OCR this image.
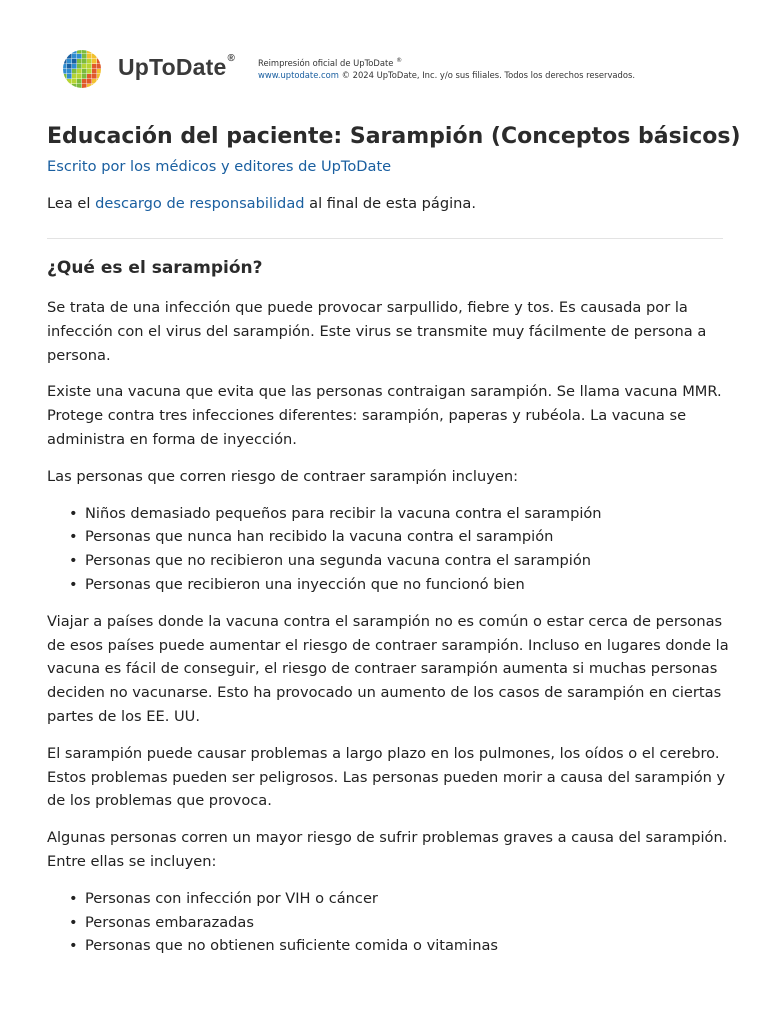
UpToDate®	Reimpresión oficial de UpToDate ®
www.uptodate.com © 2024 UpToDate, Inc. y/o sus filiales. Todos los derechos reservados.
Educación del paciente: Sarampión (Conceptos básicos)
Escrito por los médicos y editores de UpToDate
Lea el descargo de responsabilidad al final de esta página.
¿Qué es el sarampión?

Se trata de una infección que puede provocar sarpullido, fiebre y tos. Es causada por la infección con el virus del sarampión. Este virus se transmite muy fácilmente de persona a persona.

Existe una vacuna que evita que las personas contraigan sarampión. Se llama vacuna MMR. Protege contra tres infecciones diferentes: sarampión, paperas y rubéola. La vacuna se administra en forma de inyección.

Las personas que corren riesgo de contraer sarampión incluyen:

• Niños demasiado pequeños para recibir la vacuna contra el sarampión
• Personas que nunca han recibido la vacuna contra el sarampión
• Personas que no recibieron una segunda vacuna contra el sarampión
• Personas que recibieron una inyección que no funcionó bien

Viajar a países donde la vacuna contra el sarampión no es común o estar cerca de personas de esos países puede aumentar el riesgo de contraer sarampión. Incluso en lugares donde la vacuna es fácil de conseguir, el riesgo de contraer sarampión aumenta si muchas personas deciden no vacunarse. Esto ha provocado un aumento de los casos de sarampión en ciertas partes de los EE. UU.

El sarampión puede causar problemas a largo plazo en los pulmones, los oídos o el cerebro. Estos problemas pueden ser peligrosos. Las personas pueden morir a causa del sarampión y de los problemas que provoca.

Algunas personas corren un mayor riesgo de sufrir problemas graves a causa del sarampión. Entre ellas se incluyen:

• Personas con infección por VIH o cáncer
• Personas embarazadas
• Personas que no obtienen suficiente comida o vitaminas
